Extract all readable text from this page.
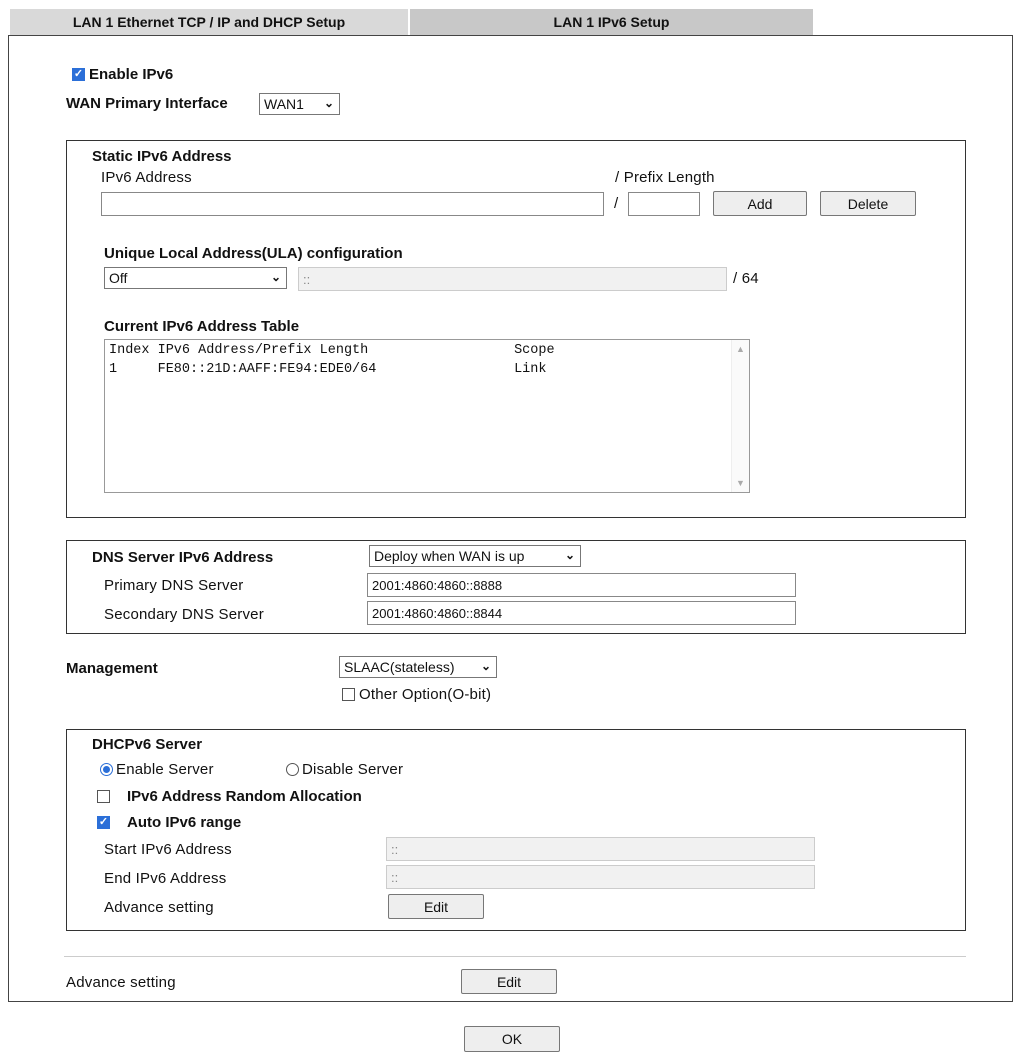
LAN 1 Ethernet TCP / IP and DHCP Setup	LAN 1 IPv6 Setup
✓ Enable IPv6
WAN Primary Interface	WAN1 ⌄
Static IPv6 Address
IPv6 Address	/ Prefix Length
/	Add	Delete
Unique Local Address(ULA) configuration
Off	⌄	::	/ 64
Current IPv6 Address Table
Index IPv6 Address/Prefix Length                  Scope
1     FE80::21D:AAFF:FE94:EDE0/64                 Link
▲
▼
DNS Server IPv6 Address	Deploy when WAN is up	⌄
Primary DNS Server	2001:4860:4860::8888
Secondary DNS Server	2001:4860:4860::8844
Management	SLAAC(stateless) ⌄
Other Option(O-bit)
DHCPv6 Server
Enable Server	Disable Server
IPv6 Address Random Allocation
✓ Auto IPv6 range
Start IPv6 Address	::
End IPv6 Address	::
Advance setting	Edit
Advance setting	Edit
OK
